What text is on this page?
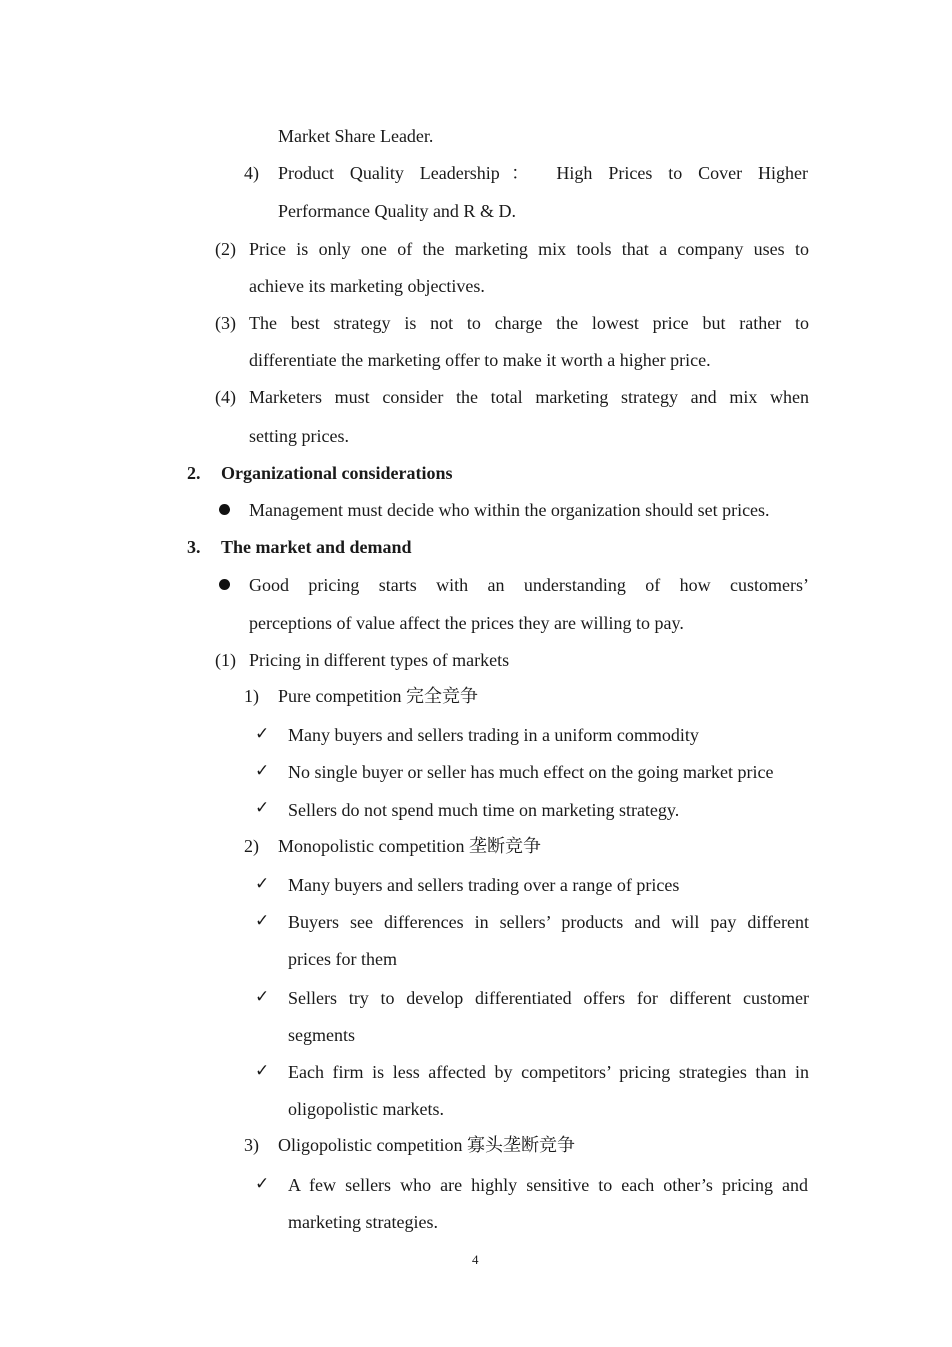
Market Share Leader.
4) Product Quality Leadership： High Prices to Cover Higher
Performance Quality and R & D.
(2) Price is only one of the marketing mix tools that a company uses to
achieve its marketing objectives.
(3) The best strategy is not to charge the lowest price but rather to
differentiate the marketing offer to make it worth a higher price.
(4) Marketers must consider the total marketing strategy and mix when
setting prices.
2. Organizational considerations
Management must decide who within the organization should set prices.
3. The market and demand
Good pricing starts with an understanding of how customers’
perceptions of value affect the prices they are willing to pay.
(1) Pricing in different types of markets
1) Pure competition 完全竞争
✓ Many buyers and sellers trading in a uniform commodity
✓ No single buyer or seller has much effect on the going market price
✓ Sellers do not spend much time on marketing strategy.
2) Monopolistic competition 垄断竞争
✓ Many buyers and sellers trading over a range of prices
✓ Buyers see differences in sellers’ products and will pay different
prices for them
✓ Sellers try to develop differentiated offers for different customer
segments
✓ Each firm is less affected by competitors’ pricing strategies than in
oligopolistic markets.
3) Oligopolistic competition 寡头垄断竞争
✓ A few sellers who are highly sensitive to each other’s pricing and
marketing strategies.
4
